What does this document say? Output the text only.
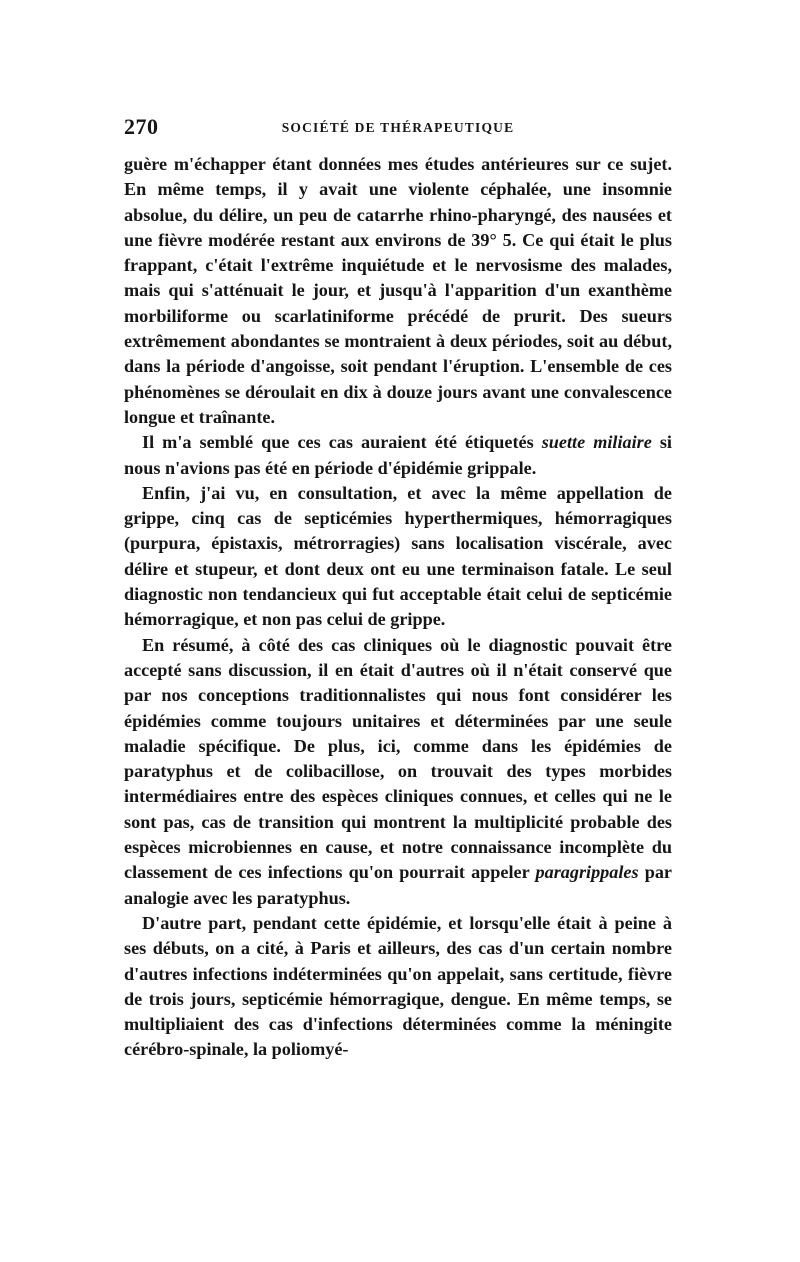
270	SOCIÉTÉ DE THÉRAPEUTIQUE

guère m'échapper étant données mes études antérieures sur ce sujet. En même temps, il y avait une violente céphalée, une insomnie absolue, du délire, un peu de catarrhe rhino-pharyngé, des nausées et une fièvre modérée restant aux environs de 39° 5. Ce qui était le plus frappant, c'était l'extrême inquiétude et le nervosisme des malades, mais qui s'atténuait le jour, et jusqu'à l'apparition d'un exanthème morbiliforme ou scarlatiniforme précédé de prurit. Des sueurs extrêmement abondantes se montraient à deux périodes, soit au début, dans la période d'angoisse, soit pendant l'éruption. L'ensemble de ces phénomènes se déroulait en dix à douze jours avant une convalescence longue et traînante.

Il m'a semblé que ces cas auraient été étiquetés suette miliaire si nous n'avions pas été en période d'épidémie grippale.

Enfin, j'ai vu, en consultation, et avec la même appellation de grippe, cinq cas de septicémies hyperthermiques, hémorragiques (purpura, épistaxis, métrorragies) sans localisation viscérale, avec délire et stupeur, et dont deux ont eu une terminaison fatale. Le seul diagnostic non tendancieux qui fut acceptable était celui de septicémie hémorragique, et non pas celui de grippe.

En résumé, à côté des cas cliniques où le diagnostic pouvait être accepté sans discussion, il en était d'autres où il n'était conservé que par nos conceptions traditionnalistes qui nous font considérer les épidémies comme toujours unitaires et déterminées par une seule maladie spécifique. De plus, ici, comme dans les épidémies de paratyphus et de colibacillose, on trouvait des types morbides intermédiaires entre des espèces cliniques connues, et celles qui ne le sont pas, cas de transition qui montrent la multiplicité probable des espèces microbiennes en cause, et notre connaissance incomplète du classement de ces infections qu'on pourrait appeler paragrippales par analogie avec les paratyphus.

D'autre part, pendant cette épidémie, et lorsqu'elle était à peine à ses débuts, on a cité, à Paris et ailleurs, des cas d'un certain nombre d'autres infections indéterminées qu'on appelait, sans certitude, fièvre de trois jours, septicémie hémorragique, dengue. En même temps, se multipliaient des cas d'infections déterminées comme la méningite cérébro-spinale, la poliomyé-
